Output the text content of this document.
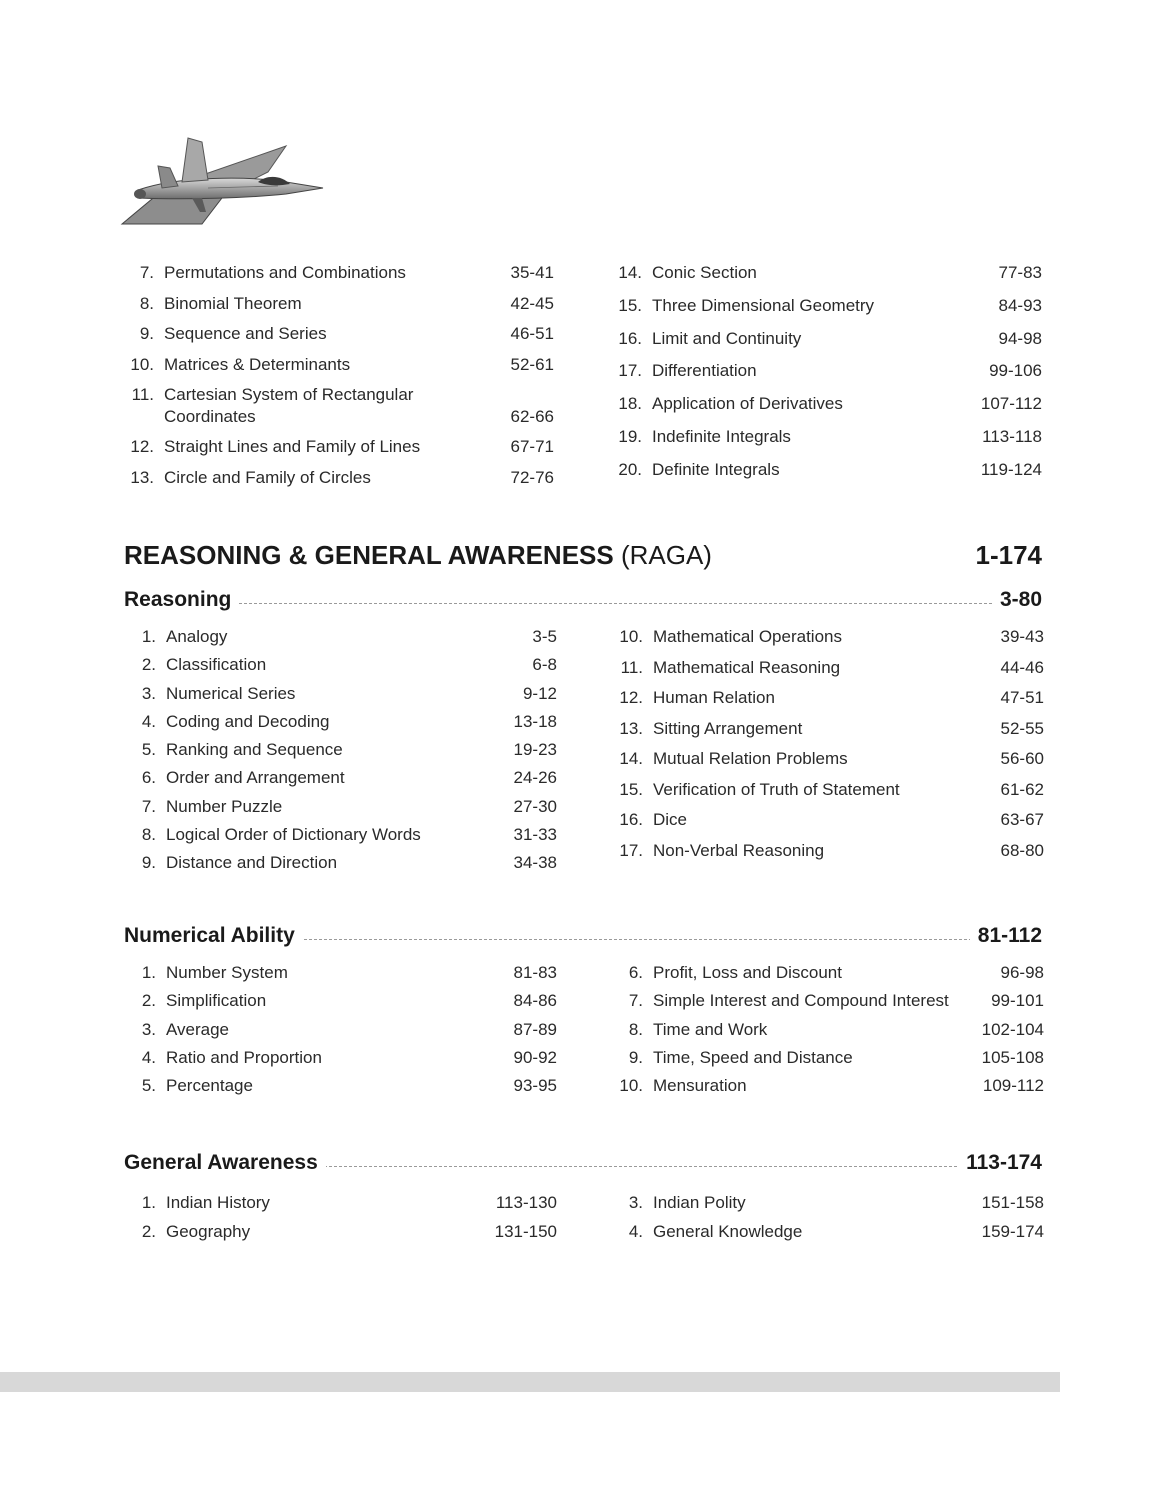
7. Permutations and Combinations	35-41
8. Binomial Theorem	42-45
9. Sequence and Series	46-51
10. Matrices & Determinants	52-61
11. Cartesian System of Rectangular
Coordinates	62-66
12. Straight Lines and Family of Lines	67-71
13. Circle and Family of Circles	72-76
14. Conic Section	77-83
15. Three Dimensional Geometry	84-93
16. Limit and Continuity	94-98
17. Differentiation	99-106
18. Application of Derivatives	107-112
19. Indefinite Integrals	113-118
20. Definite Integrals	119-124
REASONING & GENERAL AWARENESS (RAGA)	1-174
Reasoning	3-80
1. Analogy	3-5
2. Classification	6-8
3. Numerical Series	9-12
4. Coding and Decoding	13-18
5. Ranking and Sequence	19-23
6. Order and Arrangement	24-26
7. Number Puzzle	27-30
8. Logical Order of Dictionary Words	31-33
9. Distance and Direction	34-38
10. Mathematical Operations	39-43
11. Mathematical Reasoning	44-46
12. Human Relation	47-51
13. Sitting Arrangement	52-55
14. Mutual Relation Problems	56-60
15. Verification of Truth of Statement	61-62
16. Dice	63-67
17. Non-Verbal Reasoning	68-80
Numerical Ability	81-112
1. Number System	81-83
2. Simplification	84-86
3. Average	87-89
4. Ratio and Proportion	90-92
5. Percentage	93-95
6. Profit, Loss and Discount	96-98
7. Simple Interest and Compound Interest 99-101
8. Time and Work	102-104
9. Time, Speed and Distance	105-108
10. Mensuration	109-112
General Awareness	113-174
1. Indian History	113-130
2. Geography	131-150
3. Indian Polity	151-158
4. General Knowledge	159-174
